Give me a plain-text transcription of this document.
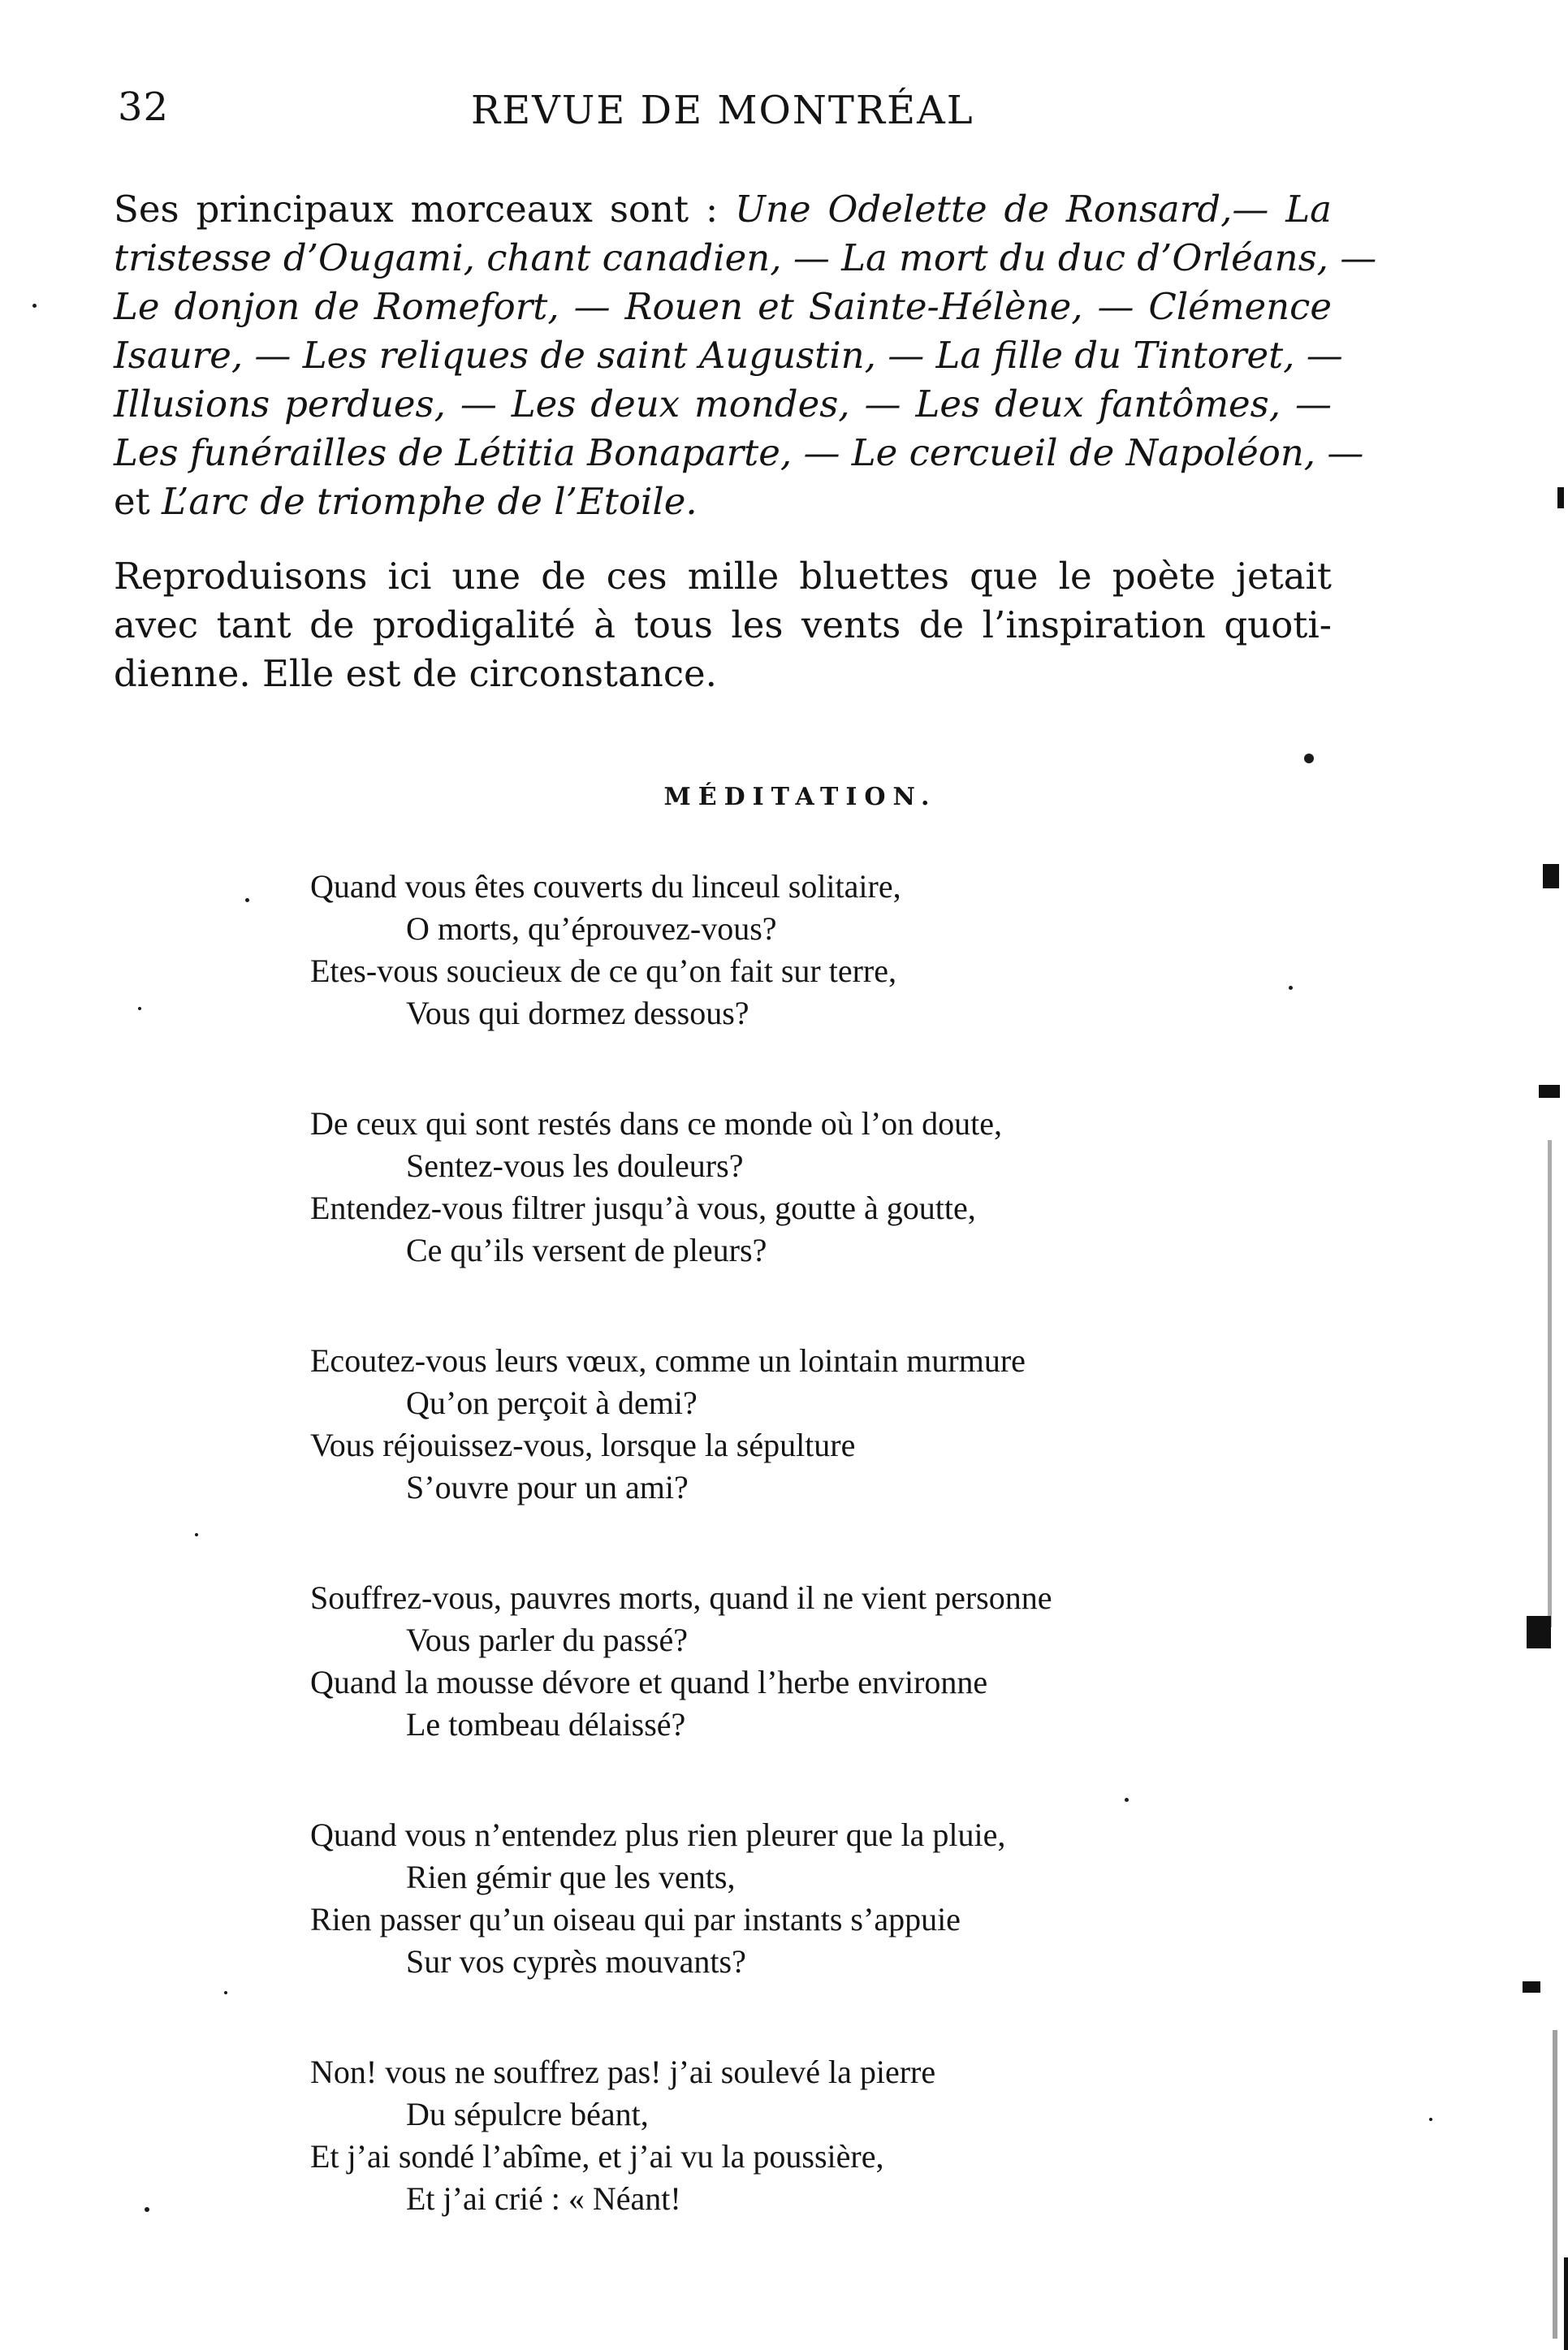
32	REVUE DE MONTRÉAL
Ses principaux morceaux sont : Une Odelette de Ronsard,— La
tristesse d’Ougami, chant canadien, — La mort du duc d’Orléans, —
Le donjon de Romefort, — Rouen et Sainte-Hélène, — Clémence
Isaure, — Les reliques de saint Augustin, — La fille du Tintoret, —
Illusions perdues, — Les deux mondes, — Les deux fantômes, —
Les funérailles de Létitia Bonaparte, — Le cercueil de Napoléon, —
et L’arc de triomphe de l’Etoile.
Reproduisons ici une de ces mille bluettes que le poète jetait
avec tant de prodigalité à tous les vents de l’inspiration quoti-
dienne. Elle est de circonstance.
MÉDITATION.
Quand vous êtes couverts du linceul solitaire,
O morts, qu’éprouvez-vous?
Etes-vous soucieux de ce qu’on fait sur terre,
Vous qui dormez dessous?
De ceux qui sont restés dans ce monde où l’on doute,
Sentez-vous les douleurs?
Entendez-vous filtrer jusqu’à vous, goutte à goutte,
Ce qu’ils versent de pleurs?
Ecoutez-vous leurs vœux, comme un lointain murmure
Qu’on perçoit à demi?
Vous réjouissez-vous, lorsque la sépulture
S’ouvre pour un ami?
Souffrez-vous, pauvres morts, quand il ne vient personne
Vous parler du passé?
Quand la mousse dévore et quand l’herbe environne
Le tombeau délaissé?
Quand vous n’entendez plus rien pleurer que la pluie,
Rien gémir que les vents,
Rien passer qu’un oiseau qui par instants s’appuie
Sur vos cyprès mouvants?
Non! vous ne souffrez pas! j’ai soulevé la pierre
Du sépulcre béant,
Et j’ai sondé l’abîme, et j’ai vu la poussière,
Et j’ai crié : « Néant!
